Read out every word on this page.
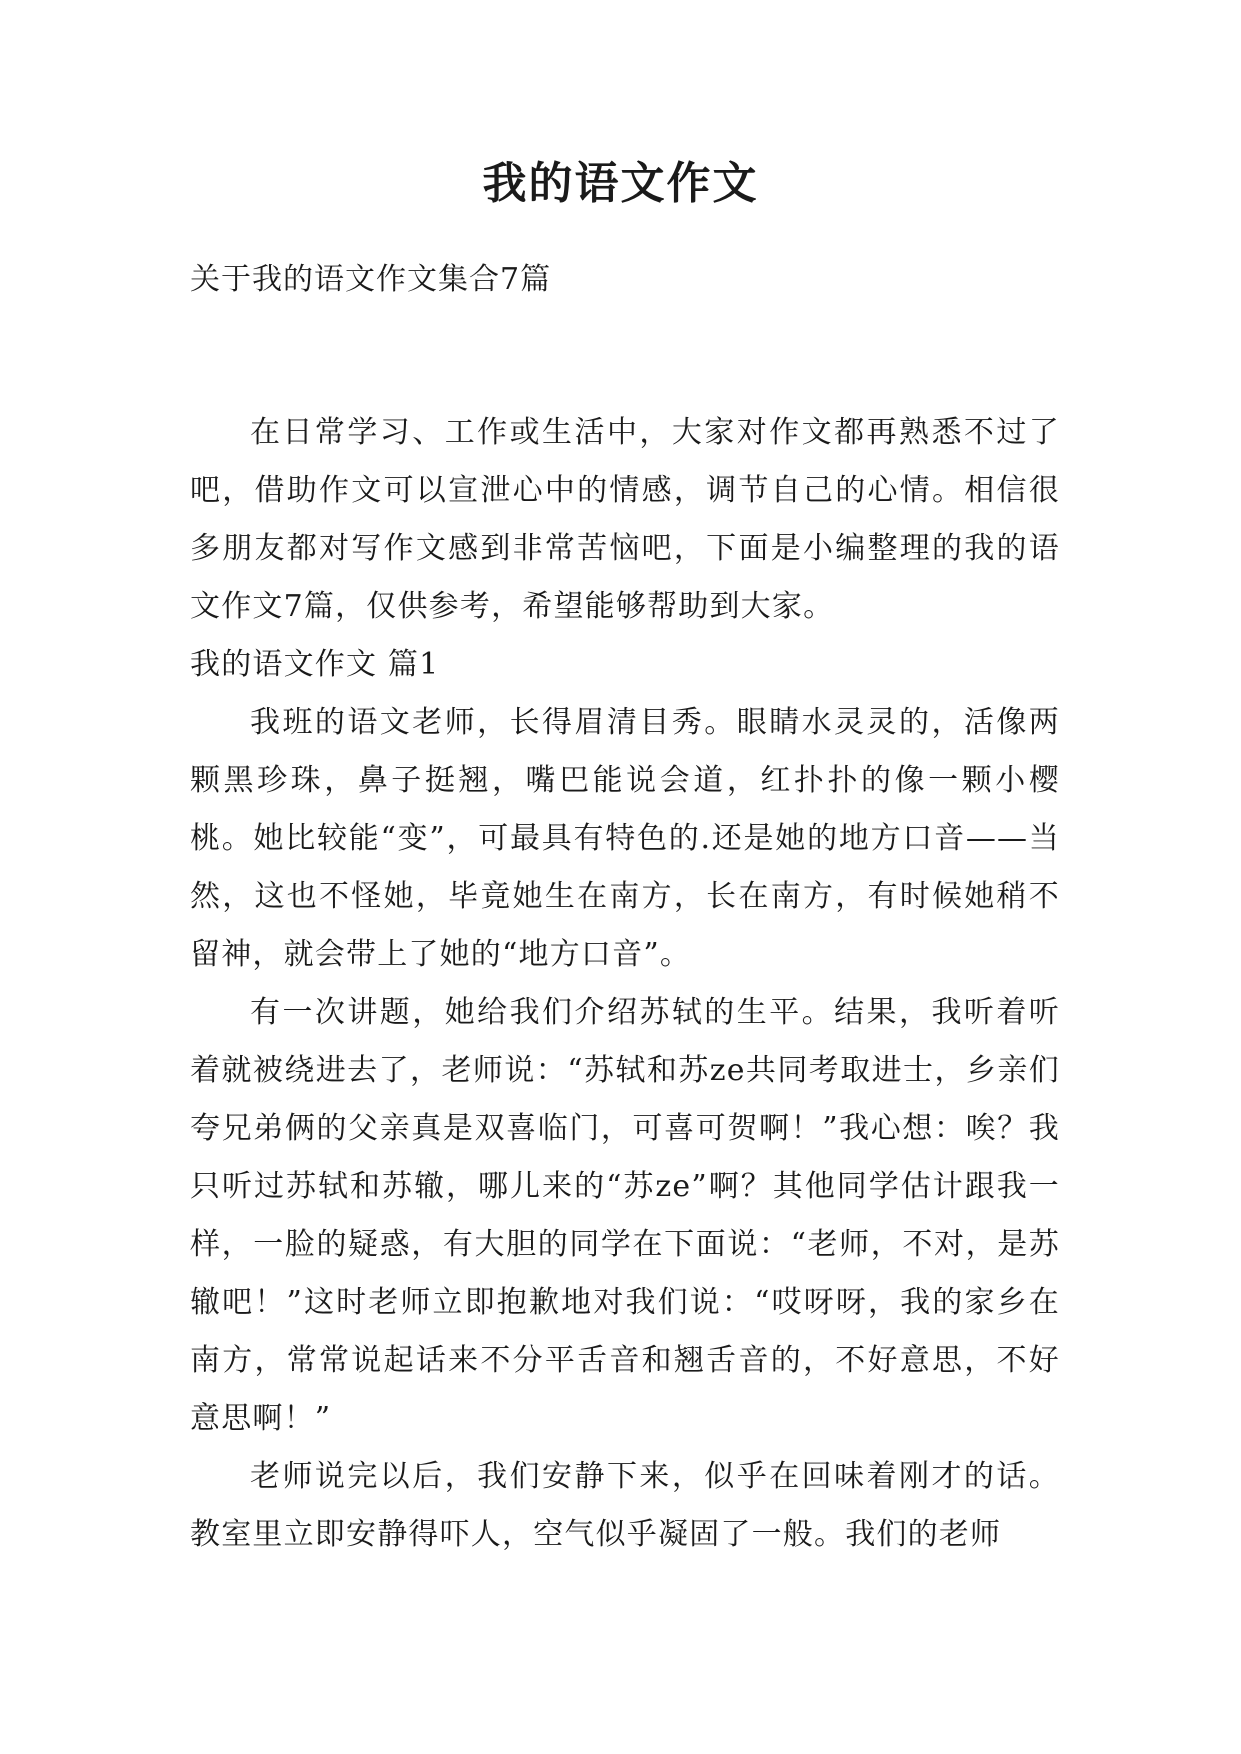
我的语文作文
关于我的语文作文集合7篇

在日常学习、工作或生活中，大家对作文都再熟悉不过了吧，借助作文可以宣泄心中的情感，调节自己的心情。相信很多朋友都对写作文感到非常苦恼吧，下面是小编整理的我的语文作文7篇，仅供参考，希望能够帮助到大家。

我的语文作文 篇1

我班的语文老师，长得眉清目秀。眼睛水灵灵的，活像两颗黑珍珠，鼻子挺翘，嘴巴能说会道，红扑扑的像一颗小樱桃。她比较能“变”，可最具有特色的.还是她的地方口音——当然，这也不怪她，毕竟她生在南方，长在南方，有时候她稍不留神，就会带上了她的“地方口音”。

有一次讲题，她给我们介绍苏轼的生平。结果，我听着听着就被绕进去了，老师说：“苏轼和苏ze共同考取进士，乡亲们夸兄弟俩的父亲真是双喜临门，可喜可贺啊！”我心想：唉？我只听过苏轼和苏辙，哪儿来的“苏ze”啊？其他同学估计跟我一样，一脸的疑惑，有大胆的同学在下面说：“老师，不对，是苏辙吧！”这时老师立即抱歉地对我们说：“哎呀呀，我的家乡在南方，常常说起话来不分平舌音和翘舌音的，不好意思，不好意思啊！”

老师说完以后，我们安静下来，似乎在回味着刚才的话。教室里立即安静得吓人，空气似乎凝固了一般。我们的老师
